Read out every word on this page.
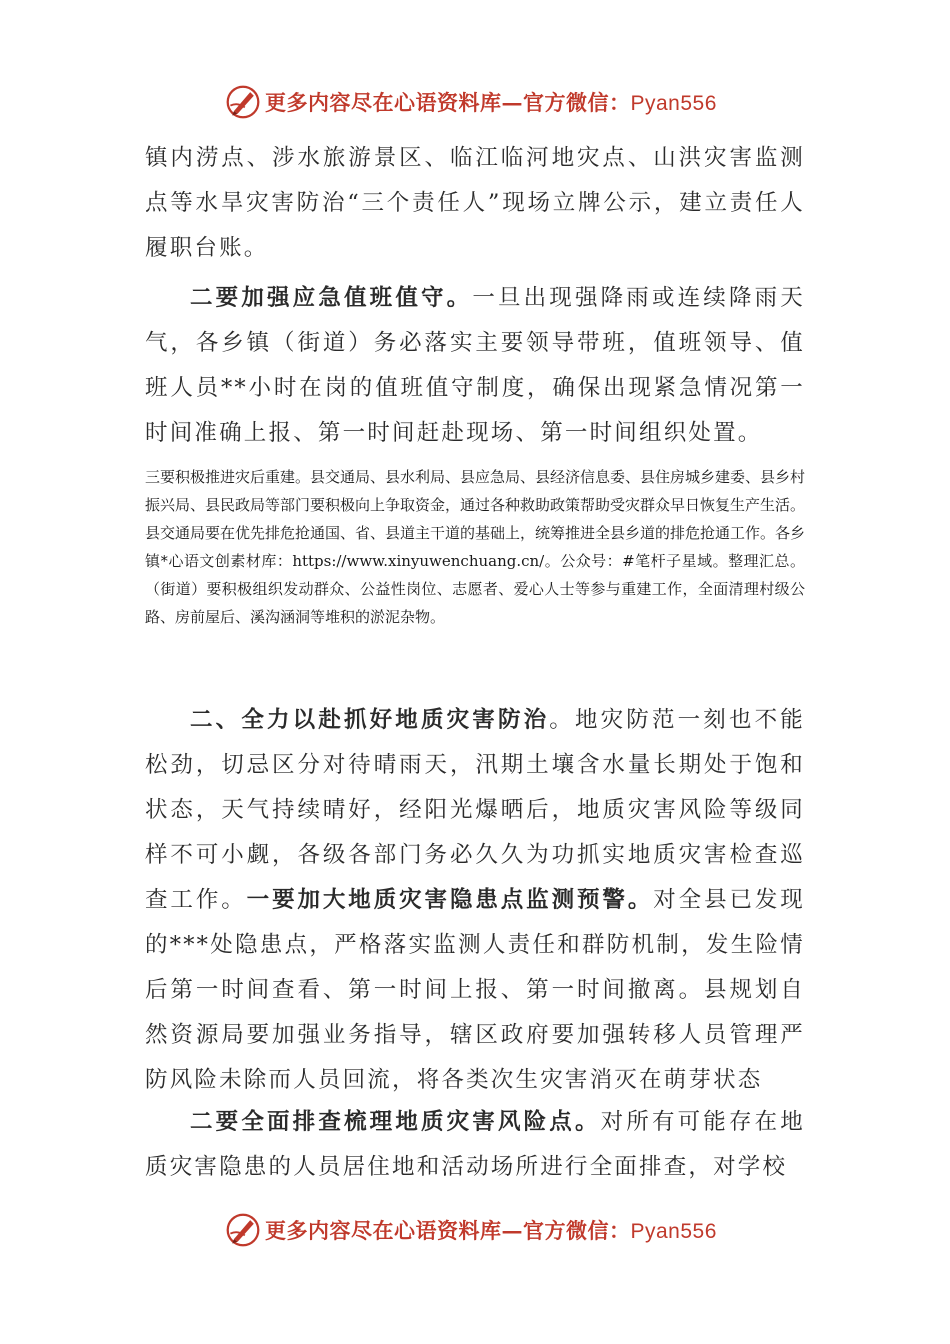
更多内容尽在心语资料库—官方微信：Pyan556

镇内涝点、涉水旅游景区、临江临河地灾点、山洪灾害监测点等水旱灾害防治“三个责任人”现场立牌公示，建立责任人履职台账。

二要加强应急值班值守。一旦出现强降雨或连续降雨天气，各乡镇（街道）务必落实主要领导带班，值班领导、值班人员**小时在岗的值班值守制度，确保出现紧急情况第一时间准确上报、第一时间赶赴现场、第一时间组织处置。

三要积极推进灾后重建。县交通局、县水利局、县应急局、县经济信息委、县住房城乡建委、县乡村振兴局、县民政局等部门要积极向上争取资金，通过各种救助政策帮助受灾群众早日恢复生产生活。县交通局要在优先排危抢通国、省、县道主干道的基础上，统筹推进全县乡道的排危抢通工作。各乡镇*心语文创素材库：https://www.xinyuwenchuang.cn/。公众号：#笔杆子星域。整理汇总。（街道）要积极组织发动群众、公益性岗位、志愿者、爱心人士等参与重建工作，全面清理村级公路、房前屋后、溪沟涵洞等堆积的淤泥杂物。

二、全力以赴抓好地质灾害防治。地灾防范一刻也不能松劲，切忌区分对待晴雨天，汛期土壤含水量长期处于饱和状态，天气持续晴好，经阳光爆晒后，地质灾害风险等级同样不可小觑，各级各部门务必久久为功抓实地质灾害检查巡查工作。一要加大地质灾害隐患点监测预警。对全县已发现的***处隐患点，严格落实监测人责任和群防机制，发生险情后第一时间查看、第一时间上报、第一时间撤离。县规划自然资源局要加强业务指导，辖区政府要加强转移人员管理严防风险未除而人员回流，将各类次生灾害消灭在萌芽状态

二要全面排查梳理地质灾害风险点。对所有可能存在地质灾害隐患的人员居住地和活动场所进行全面排查，对学校

更多内容尽在心语资料库—官方微信：Pyan556
